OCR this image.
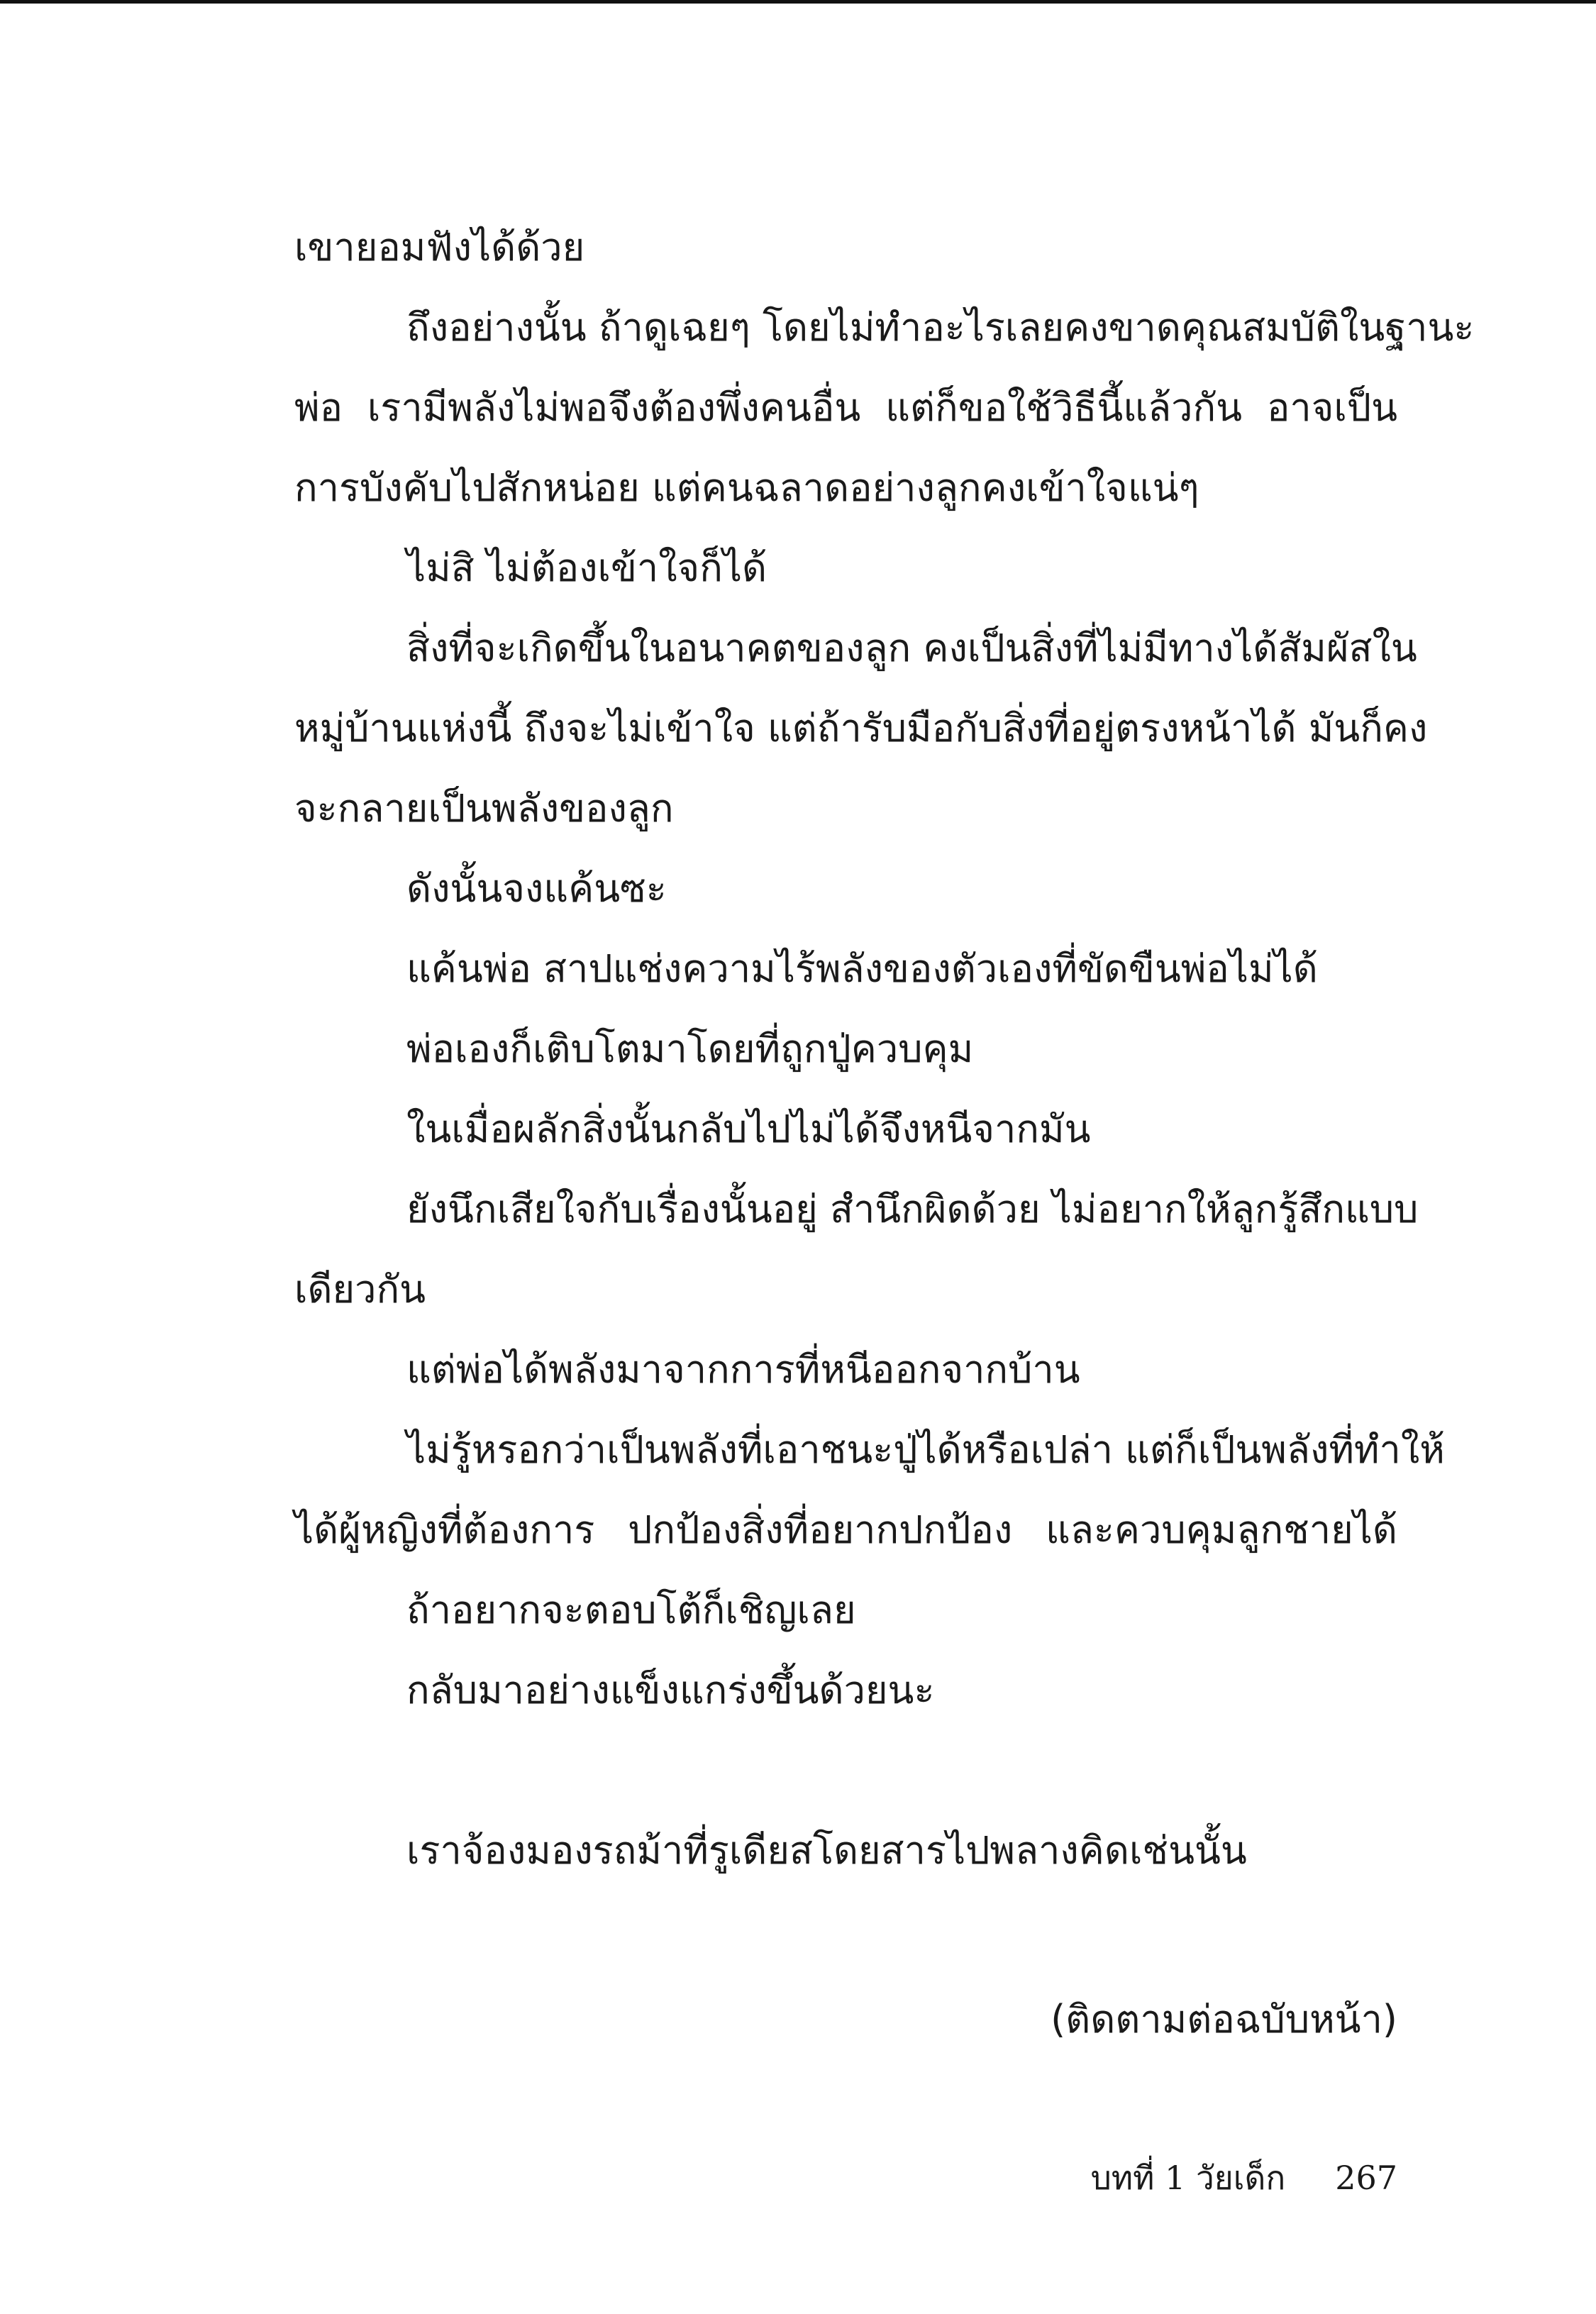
เขายอมฟังได้ด้วย
ถึงอย่างนั้น ถ้าดูเฉยๆ โดยไม่ทำอะไรเลยคงขาดคุณสมบัติในฐานะ
พ่อ เรามีพลังไม่พอจึงต้องพึ่งคนอื่น แต่ก็ขอใช้วิธีนี้แล้วกัน อาจเป็น
การบังคับไปสักหน่อย แต่คนฉลาดอย่างลูกคงเข้าใจแน่ๆ
ไม่สิ ไม่ต้องเข้าใจก็ได้
สิ่งที่จะเกิดขึ้นในอนาคตของลูก คงเป็นสิ่งที่ไม่มีทางได้สัมผัสใน
หมู่บ้านแห่งนี้ ถึงจะไม่เข้าใจ แต่ถ้ารับมือกับสิ่งที่อยู่ตรงหน้าได้ มันก็คง
จะกลายเป็นพลังของลูก
ดังนั้นจงแค้นซะ
แค้นพ่อ สาปแช่งความไร้พลังของตัวเองที่ขัดขืนพ่อไม่ได้
พ่อเองก็เติบโตมาโดยที่ถูกปู่ควบคุม
ในเมื่อผลักสิ่งนั้นกลับไปไม่ได้จึงหนีจากมัน
ยังนึกเสียใจกับเรื่องนั้นอยู่ สำนึกผิดด้วย ไม่อยากให้ลูกรู้สึกแบบ
เดียวกัน
แต่พ่อได้พลังมาจากการที่หนีออกจากบ้าน
ไม่รู้หรอกว่าเป็นพลังที่เอาชนะปู่ได้หรือเปล่า แต่ก็เป็นพลังที่ทำให้
ได้ผู้หญิงที่ต้องการ ปกป้องสิ่งที่อยากปกป้อง และควบคุมลูกชายได้
ถ้าอยากจะตอบโต้ก็เชิญเลย
กลับมาอย่างแข็งแกร่งขึ้นด้วยนะ
เราจ้องมองรถม้าที่รูเดียสโดยสารไปพลางคิดเช่นนั้น
(ติดตามต่อฉบับหน้า)
บทที่ 1 วัยเด็ก 267
